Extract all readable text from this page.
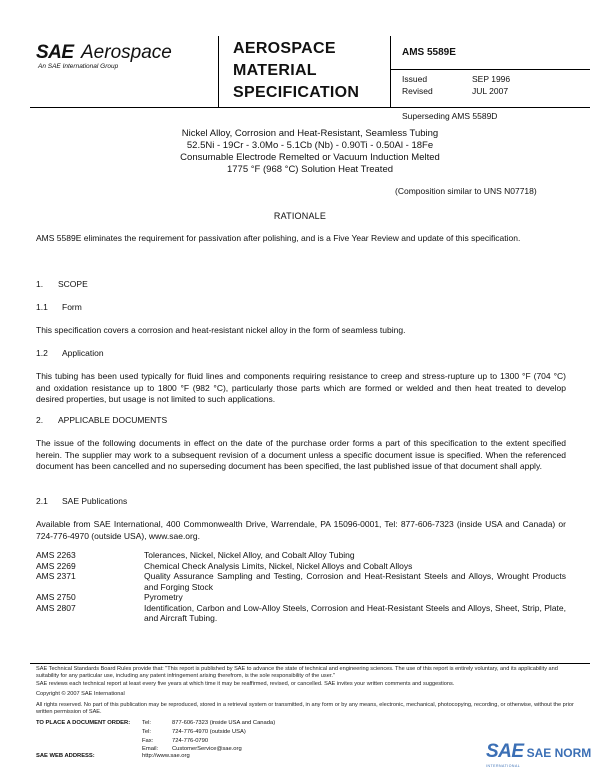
SAE Aerospace
An SAE International Group
AEROSPACE
MATERIAL
SPECIFICATION
AMS 5589E
Issued	SEP 1996
Revised	JUL 2007
Superseding AMS 5589D
Nickel Alloy, Corrosion and Heat-Resistant, Seamless Tubing
52.5Ni - 19Cr - 3.0Mo - 5.1Cb (Nb) - 0.90Ti - 0.50Al - 18Fe
Consumable Electrode Remelted or Vacuum Induction Melted
1775 °F (968 °C) Solution Heat Treated
(Composition similar to UNS N07718)
RATIONALE
AMS 5589E eliminates the requirement for passivation after polishing, and is a Five Year Review and update of this specification.
1. SCOPE
1.1 Form
This specification covers a corrosion and heat-resistant nickel alloy in the form of seamless tubing.
1.2 Application
This tubing has been used typically for fluid lines and components requiring resistance to creep and stress-rupture up to 1300 °F (704 °C) and oxidation resistance up to 1800 °F (982 °C), particularly those parts which are formed or welded and then heat treated to develop desired properties, but usage is not limited to such applications.
2. APPLICABLE DOCUMENTS
The issue of the following documents in effect on the date of the purchase order forms a part of this specification to the extent specified herein. The supplier may work to a subsequent revision of a document unless a specific document issue is specified. When the referenced document has been cancelled and no superseding document has been specified, the last published issue of that document shall apply.
2.1 SAE Publications
Available from SAE International, 400 Commonwealth Drive, Warrendale, PA 15096-0001, Tel: 877-606-7323 (inside USA and Canada) or 724-776-4970 (outside USA), www.sae.org.
AMS 2263	Tolerances, Nickel, Nickel Alloy, and Cobalt Alloy Tubing
AMS 2269	Chemical Check Analysis Limits, Nickel, Nickel Alloys and Cobalt Alloys
AMS 2371	Quality Assurance Sampling and Testing, Corrosion and Heat-Resistant Steels and Alloys, Wrought Products and Forging Stock
AMS 2750	Pyrometry
AMS 2807	Identification, Carbon and Low-Alloy Steels, Corrosion and Heat-Resistant Steels and Alloys, Sheet, Strip, Plate, and Aircraft Tubing.
SAE Technical Standards Board Rules provide that: "This report is published by SAE to advance the state of technical and engineering sciences. The use of this report is entirely voluntary, and its applicability and suitability for any particular use, including any patent infringement arising therefrom, is the sole responsibility of the user."
SAE reviews each technical report at least every five years at which time it may be reaffirmed, revised, or cancelled. SAE invites your written comments and suggestions.
Copyright © 2007 SAE International
All rights reserved. No part of this publication may be reproduced, stored in a retrieval system or transmitted, in any form or by any means, electronic, mechanical, photocopying, recording, or otherwise, without the prior written permission of SAE.
TO PLACE A DOCUMENT ORDER:	Tel:	877-606-7323 (inside USA and Canada)
Tel:	724-776-4970 (outside USA)
Fax:	724-776-0790
Email:	CustomerService@sae.org
SAE WEB ADDRESS:	http://www.sae.org	SAE SAE NORM
INTERNATIONAL
